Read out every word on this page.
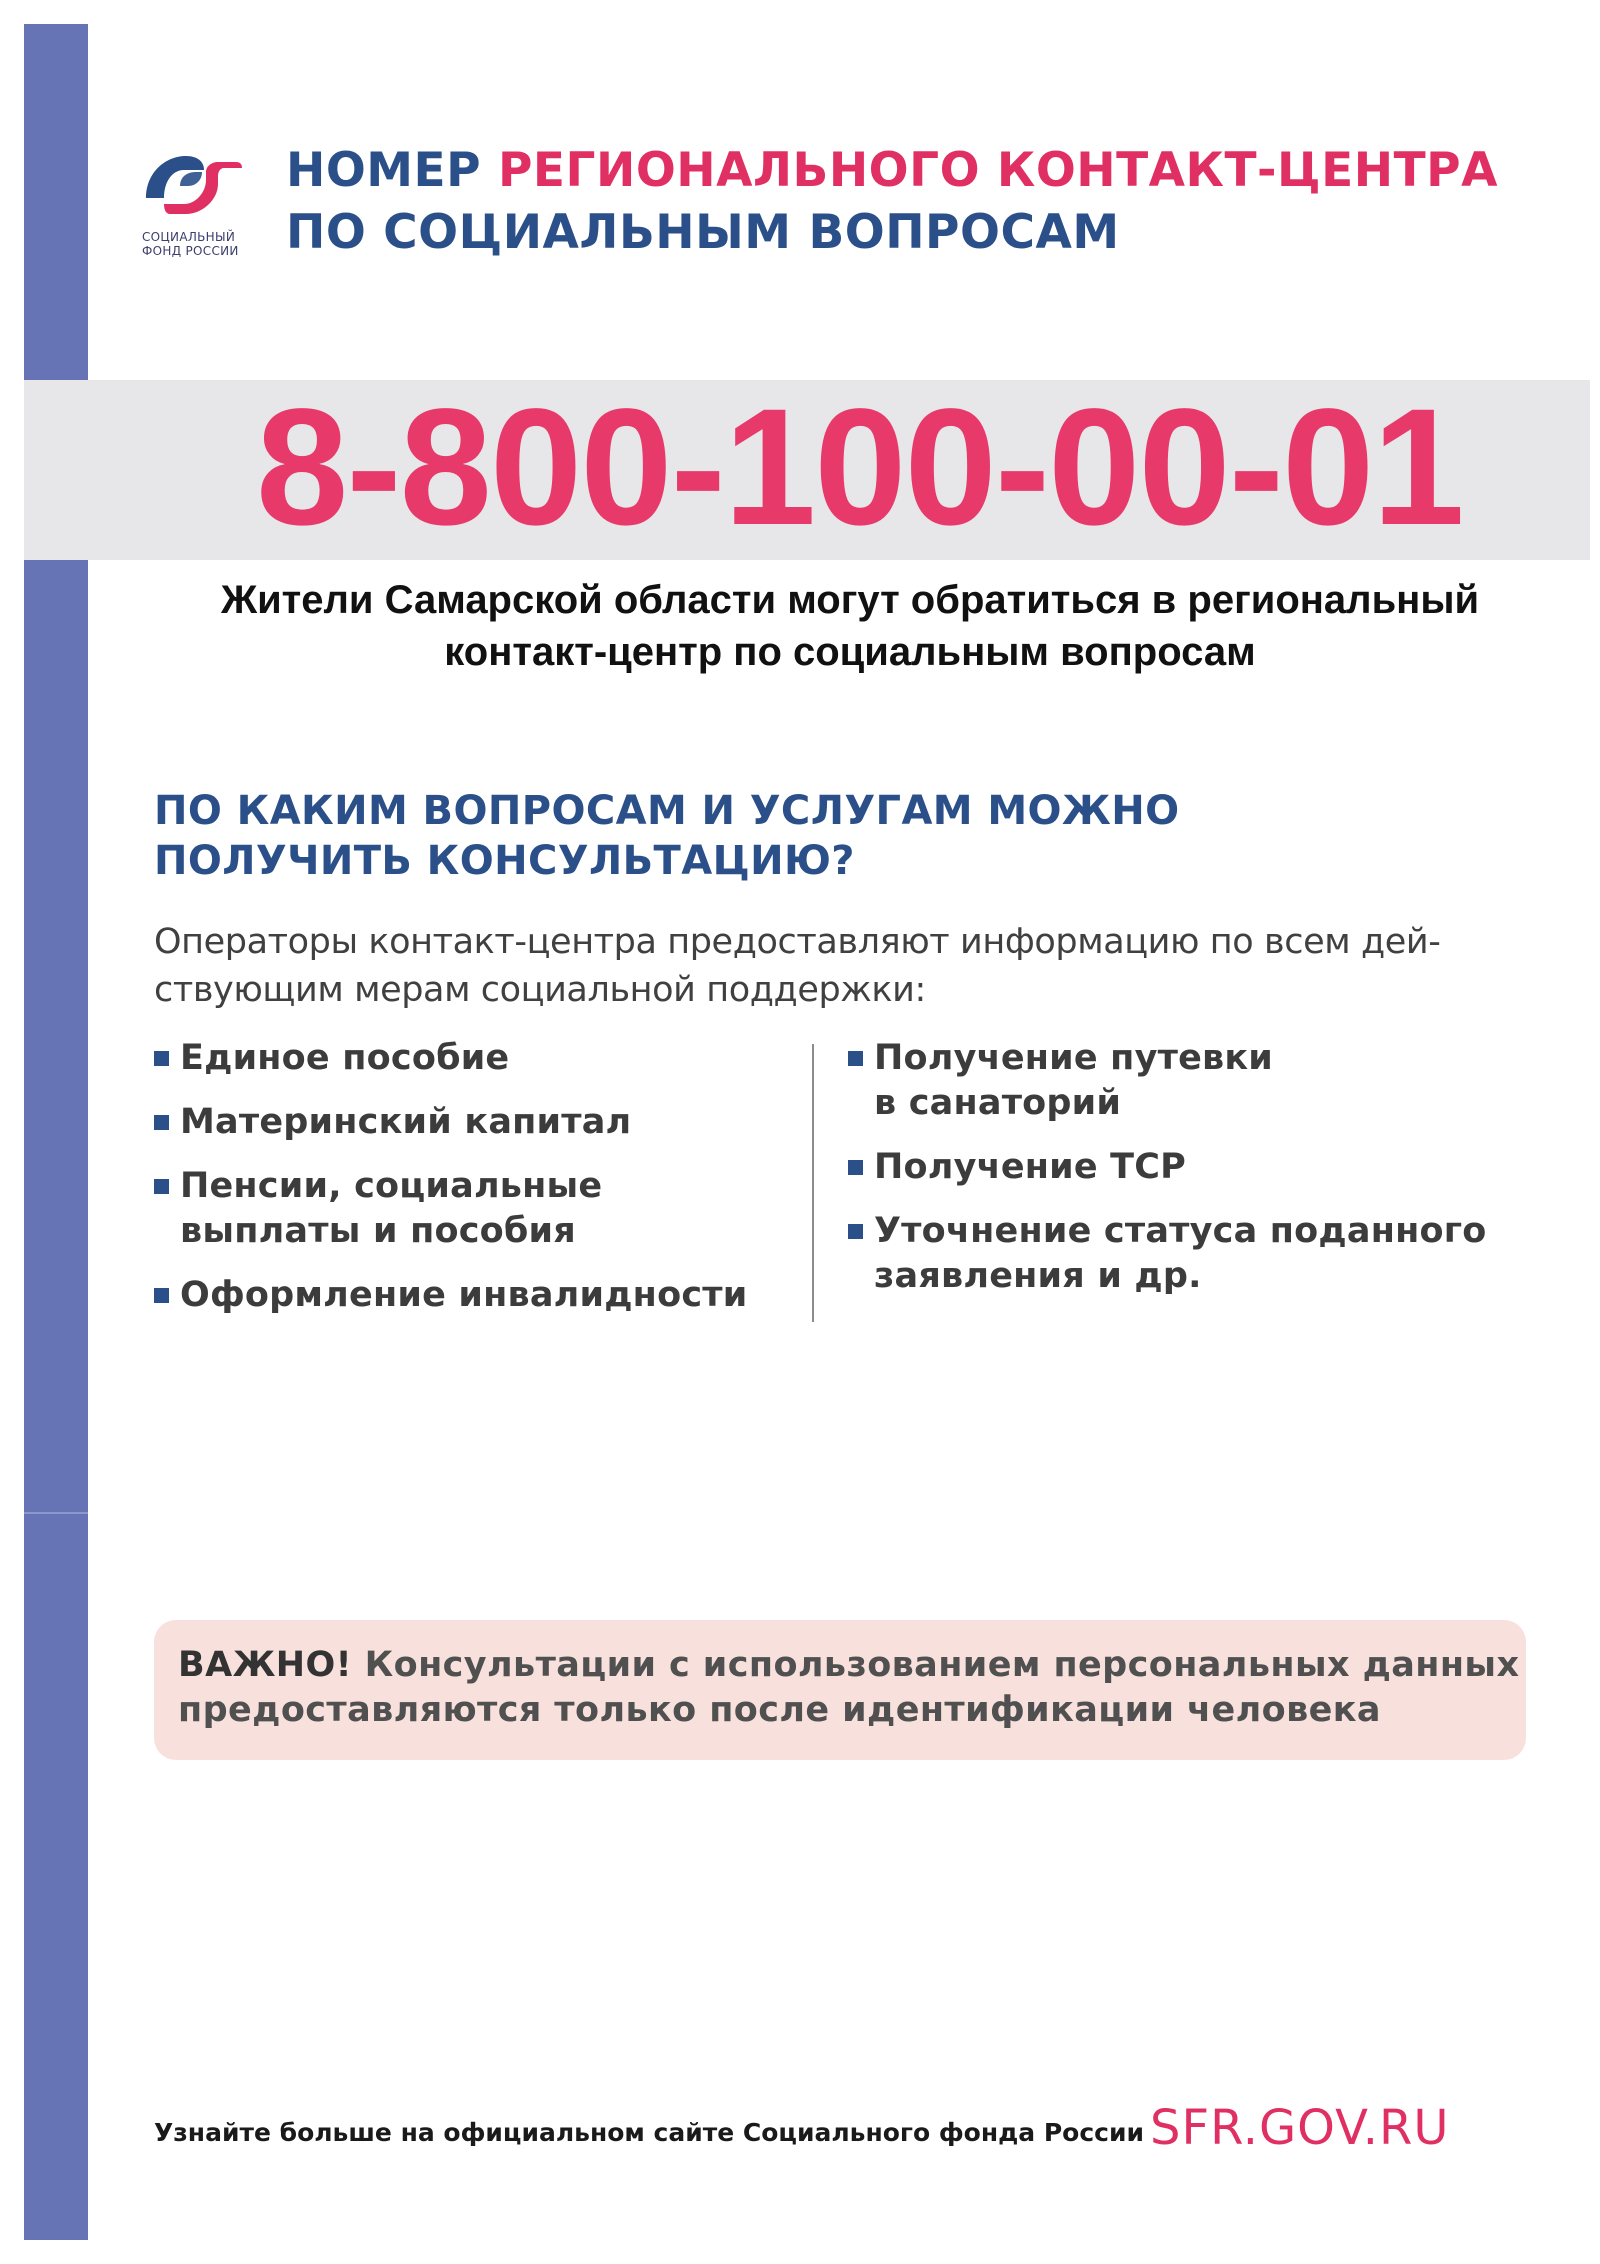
СОЦИАЛЬНЫЙ
ФОНД РОССИИ
НОМЕР РЕГИОНАЛЬНОГО КОНТАКТ-ЦЕНТРА
ПО СОЦИАЛЬНЫМ ВОПРОСАМ
8-800-100-00-01
Жители Самарской области могут обратиться в региональный
контакт-центр по социальным вопросам
ПО КАКИМ ВОПРОСАМ И УСЛУГАМ МОЖНО
ПОЛУЧИТЬ КОНСУЛЬТАЦИЮ?
Операторы контакт-центра предоставляют информацию по всем дей-
ствующим мерам социальной поддержки:
Единое пособие
Материнский капитал
Пенсии, социальные
выплаты и пособия
Оформление инвалидности
Получение путевки
в санаторий
Получение ТСР
Уточнение статуса поданного
заявления и др.
ВАЖНО! Консультации с использованием персональных данных
предоставляются только после идентификации человека
Узнайте больше на официальном сайте Социального фонда России SFR.GOV.RU
